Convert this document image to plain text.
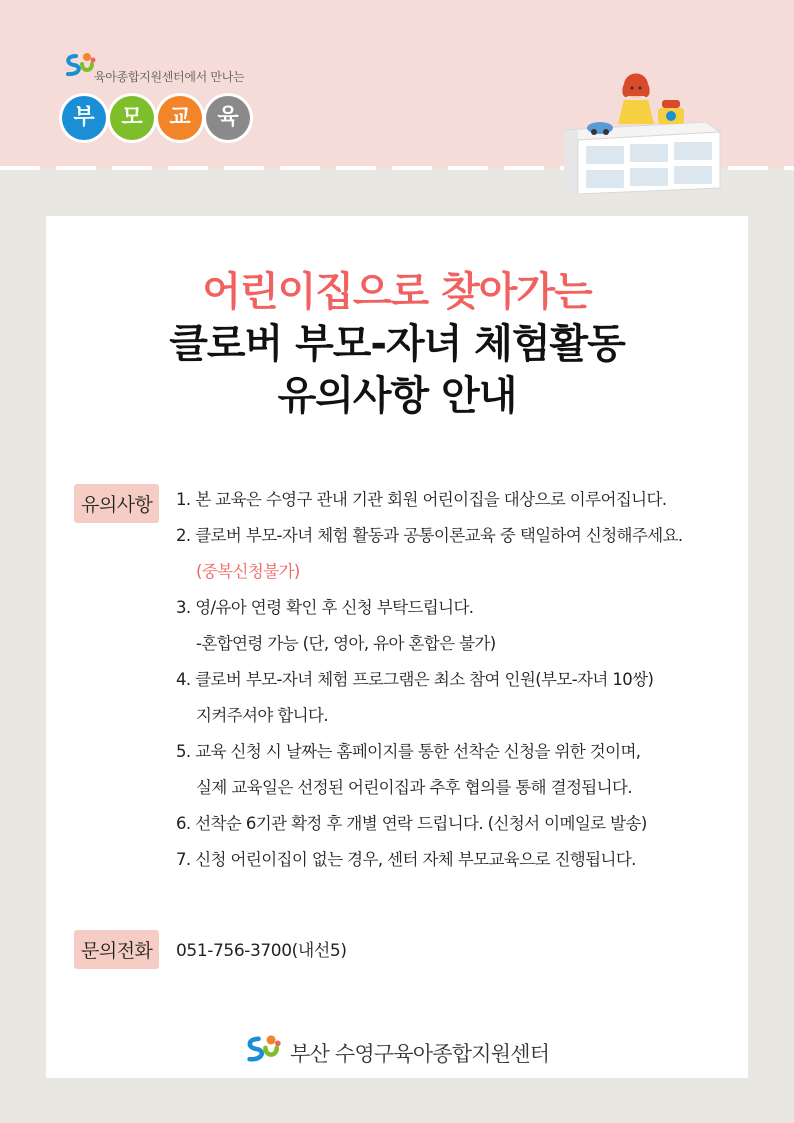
육아종합지원센터에서 만나는
부 모 교 육
어린이집으로 찾아가는
클로버 부모-자녀 체험활동
유의사항 안내
유의사항	1. 본 교육은 수영구 관내 기관 회원 어린이집을 대상으로 이루어집니다.
2. 클로버 부모-자녀 체험 활동과 공통이론교육 중 택일하여 신청해주세요.
(중복신청불가)
3. 영/유아 연령 확인 후 신청 부탁드립니다.
-혼합연령 가능 (단, 영아, 유아 혼합은 불가)
4. 클로버 부모-자녀 체험 프로그램은 최소 참여 인원(부모-자녀 10쌍)
지켜주셔야 합니다.
5. 교육 신청 시 날짜는 홈페이지를 통한 선착순 신청을 위한 것이며,
실제 교육일은 선정된 어린이집과 추후 협의를 통해 결정됩니다.
6. 선착순 6기관 확정 후 개별 연락 드립니다. (신청서 이메일로 발송)
7. 신청 어린이집이 없는 경우, 센터 자체 부모교육으로 진행됩니다.
문의전화	051-756-3700(내선5)
부산 수영구육아종합지원센터
